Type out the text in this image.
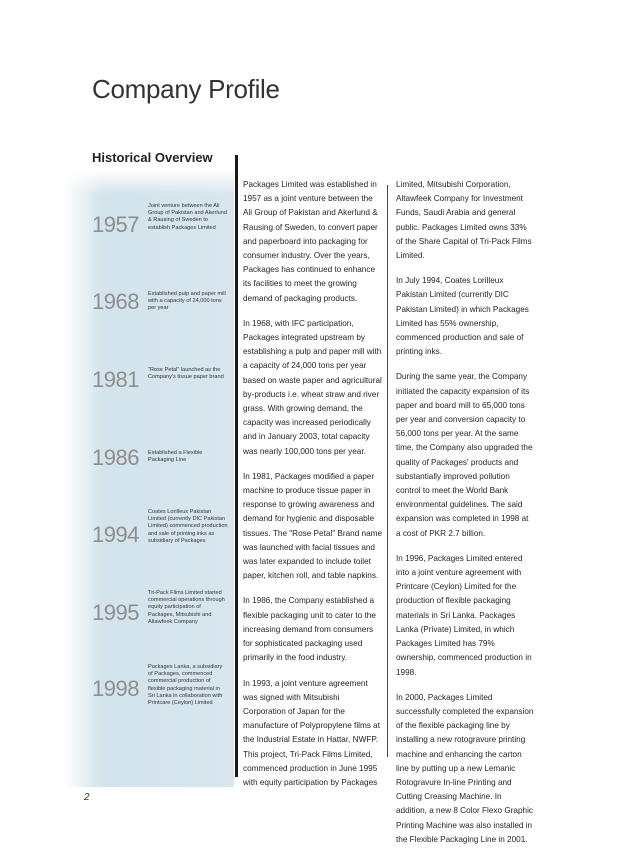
Company Profile
Historical Overview
1957
Joint venture between the Ali Group of Pakistan and Akerlund & Rausing of Sweden to establish Packages Limited
1968 Established pulp and paper mill with a capacity of 24,000 tons per year
1981 "Rose Petal" launched as the Company's tissue paper brand
1986 Established a Flexible Packaging Line
1994
Coates Lorilleux Pakistan Limited (currently DIC Pakistan Limited) commenced production and sale of printing inks as subsidiary of Packages
1995
Tri-Pack Films Limited started commercial operations through equity participation of Packages, Mitsubishi and Altawfeek Company
1998
Packages Lanka, a subsidiary of Packages, commenced commercial production of flexible packaging material in Sri Lanka in collaboration with Printcare (Ceylon) Limited

Packages Limited was established in 1957 as a joint venture between the Ali Group of Pakistan and Akerlund & Rausing of Sweden, to convert paper and paperboard into packaging for consumer industry. Over the years, Packages has continued to enhance its facilities to meet the growing demand of packaging products.

In 1968, with IFC participation, Packages integrated upstream by establishing a pulp and paper mill with a capacity of 24,000 tons per year based on waste paper and agricultural by-products i.e. wheat straw and river grass. With growing demand, the capacity was increased periodically and in January 2003, total capacity was nearly 100,000 tons per year.

In 1981, Packages modified a paper machine to produce tissue paper in response to growing awareness and demand for hygienic and disposable tissues. The "Rose Petal" Brand name was launched with facial tissues and was later expanded to include toilet paper, kitchen roll, and table napkins.

In 1986, the Company established a flexible packaging unit to cater to the increasing demand from consumers for sophisticated packaging used primarily in the food industry.

In 1993, a joint venture agreement was signed with Mitsubishi Corporation of Japan for the manufacture of Polypropylene films at the Industrial Estate in Hattar, NWFP. This project, Tri-Pack Films Limited, commenced production in June 1995 with equity participation by Packages

Limited, Mitsubishi Corporation, Altawfeek Company for Investment Funds, Saudi Arabia and general public. Packages Limited owns 33% of the Share Capital of Tri-Pack Films Limited.

In July 1994, Coates Lorilleux Pakistan Limited (currently DIC Pakistan Limited) in which Packages Limited has 55% ownership, commenced production and sale of printing inks.

During the same year, the Company initiated the capacity expansion of its paper and board mill to 65,000 tons per year and conversion capacity to 56,000 tons per year. At the same time, the Company also upgraded the quality of Packages' products and substantially improved pollution control to meet the World Bank environmental guidelines. The said expansion was completed in 1998 at a cost of PKR 2.7 billion.

In 1996, Packages Limited entered into a joint venture agreement with Printcare (Ceylon) Limited for the production of flexible packaging materials in Sri Lanka. Packages Lanka (Private) Limited, in which Packages Limited has 79% ownership, commenced production in 1998.

In 2000, Packages Limited successfully completed the expansion of the flexible packaging line by installing a new rotogravure printing machine and enhancing the carton line by putting up a new Lemanic Rotogravure In-line Printing and Cutting Creasing Machine. In addition, a new 8 Color Flexo Graphic Printing Machine was also installed in the Flexible Packaging Line in 2001.

2
